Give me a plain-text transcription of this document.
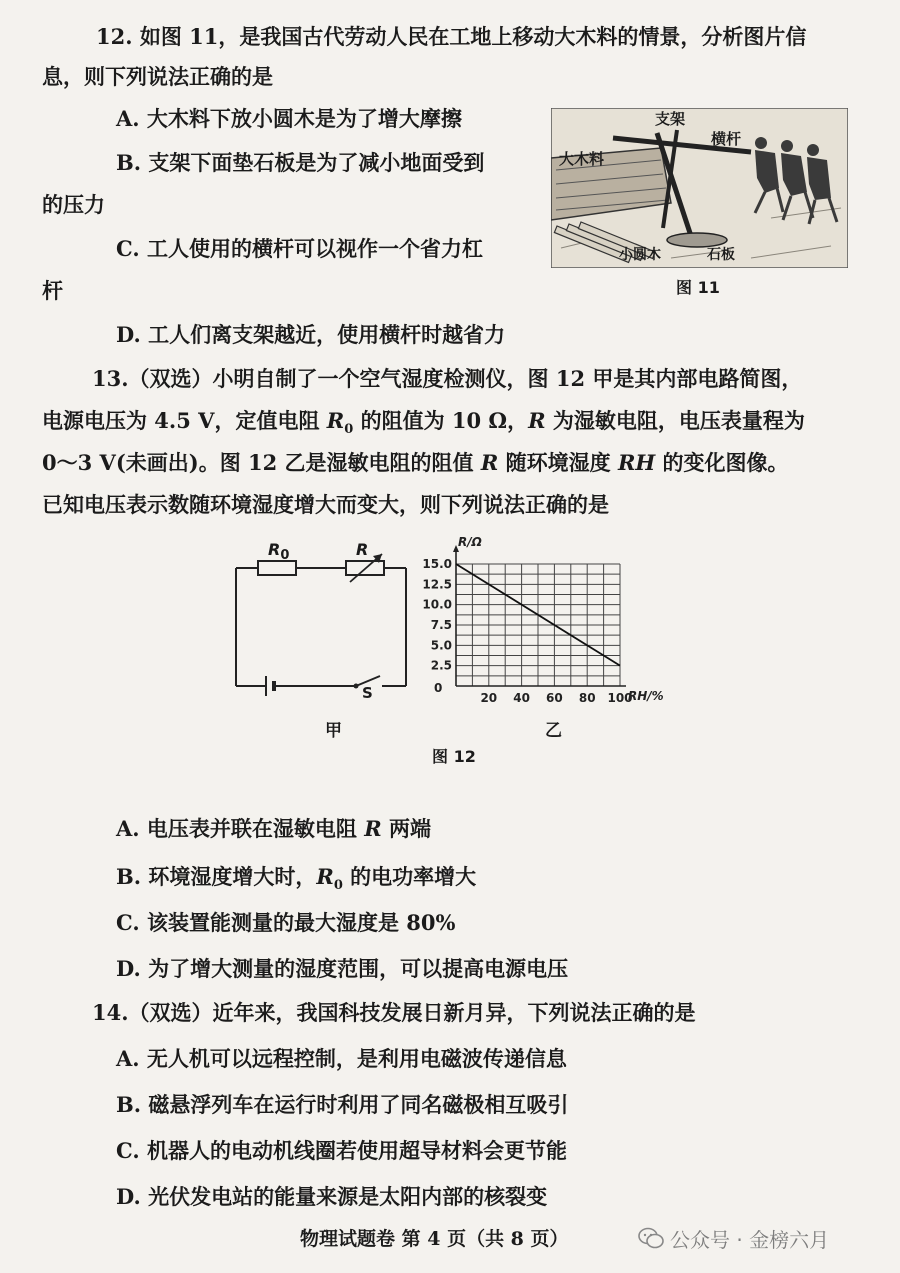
12. 如图 11，是我国古代劳动人民在工地上移动大木料的情景，分析图片信
息，则下列说法正确的是
A. 大木料下放小圆木是为了增大摩擦
B. 支架下面垫石板是为了减小地面受到
的压力
C. 工人使用的横杆可以视作一个省力杠
杆
D. 工人们离支架越近，使用横杆时越省力
支架
横杆
大木料
小圆木	石板
图 11
13.（双选）小明自制了一个空气湿度检测仪，图 12 甲是其内部电路简图，
电源电压为 4.5 V，定值电阻 $R_0$ 的阻值为 10 Ω，R 为湿敏电阻，电压表量程为
0～3 V(未画出)。图 12 乙是湿敏电阻的阻值 R 随环境湿度 RH 的变化图像。
已知电压表示数随环境湿度增大而变大，则下列说法正确的是
$R_0$	R
S
甲
20 40 60 80 100
2.5
5.0
7.5
10.0
12.5
15.0
R/Ω
RH/%
0
乙
图 12
A. 电压表并联在湿敏电阻 R 两端
B. 环境湿度增大时，$R_0$ 的电功率增大
C. 该装置能测量的最大湿度是 80%
D. 为了增大测量的湿度范围，可以提高电源电压
14.（双选）近年来，我国科技发展日新月异，下列说法正确的是
A. 无人机可以远程控制，是利用电磁波传递信息
B. 磁悬浮列车在运行时利用了同名磁极相互吸引
C. 机器人的电动机线圈若使用超导材料会更节能
D. 光伏发电站的能量来源是太阳内部的核裂变
物理试题卷 第 4 页（共 8 页）	公众号 · 金榜六月
